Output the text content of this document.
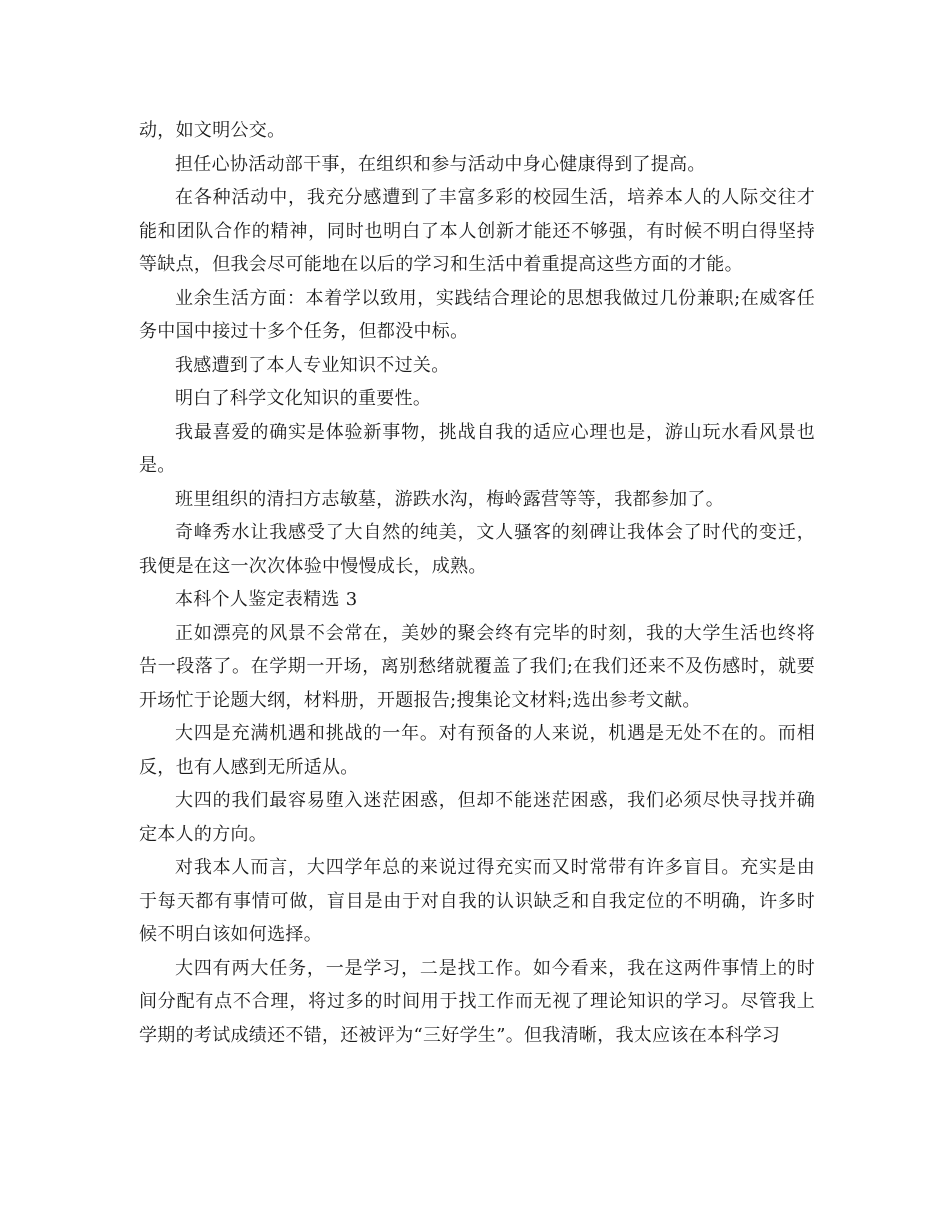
动，如文明公交。

担任心协活动部干事，在组织和参与活动中身心健康得到了提高。

在各种活动中，我充分感遭到了丰富多彩的校园生活，培养本人的人际交往才能和团队合作的精神，同时也明白了本人创新才能还不够强，有时候不明白得坚持等缺点，但我会尽可能地在以后的学习和生活中着重提高这些方面的才能。

业余生活方面：本着学以致用，实践结合理论的思想我做过几份兼职;在威客任务中国中接过十多个任务，但都没中标。

我感遭到了本人专业知识不过关。

明白了科学文化知识的重要性。

我最喜爱的确实是体验新事物，挑战自我的适应心理也是，游山玩水看风景也是。

班里组织的清扫方志敏墓，游跌水沟，梅岭露营等等，我都参加了。

奇峰秀水让我感受了大自然的纯美，文人骚客的刻碑让我体会了时代的变迁，我便是在这一次次体验中慢慢成长，成熟。

本科个人鉴定表精选 3

正如漂亮的风景不会常在，美妙的聚会终有完毕的时刻，我的大学生活也终将告一段落了。在学期一开场，离别愁绪就覆盖了我们;在我们还来不及伤感时，就要开场忙于论题大纲，材料册，开题报告;搜集论文材料;选出参考文献。

大四是充满机遇和挑战的一年。对有预备的人来说，机遇是无处不在的。而相反，也有人感到无所适从。

大四的我们最容易堕入迷茫困惑，但却不能迷茫困惑，我们必须尽快寻找并确定本人的方向。

对我本人而言，大四学年总的来说过得充实而又时常带有许多盲目。充实是由于每天都有事情可做，盲目是由于对自我的认识缺乏和自我定位的不明确，许多时候不明白该如何选择。

大四有两大任务，一是学习，二是找工作。如今看来，我在这两件事情上的时间分配有点不合理，将过多的时间用于找工作而无视了理论知识的学习。尽管我上学期的考试成绩还不错，还被评为“三好学生”。但我清晰，我太应该在本科学习
